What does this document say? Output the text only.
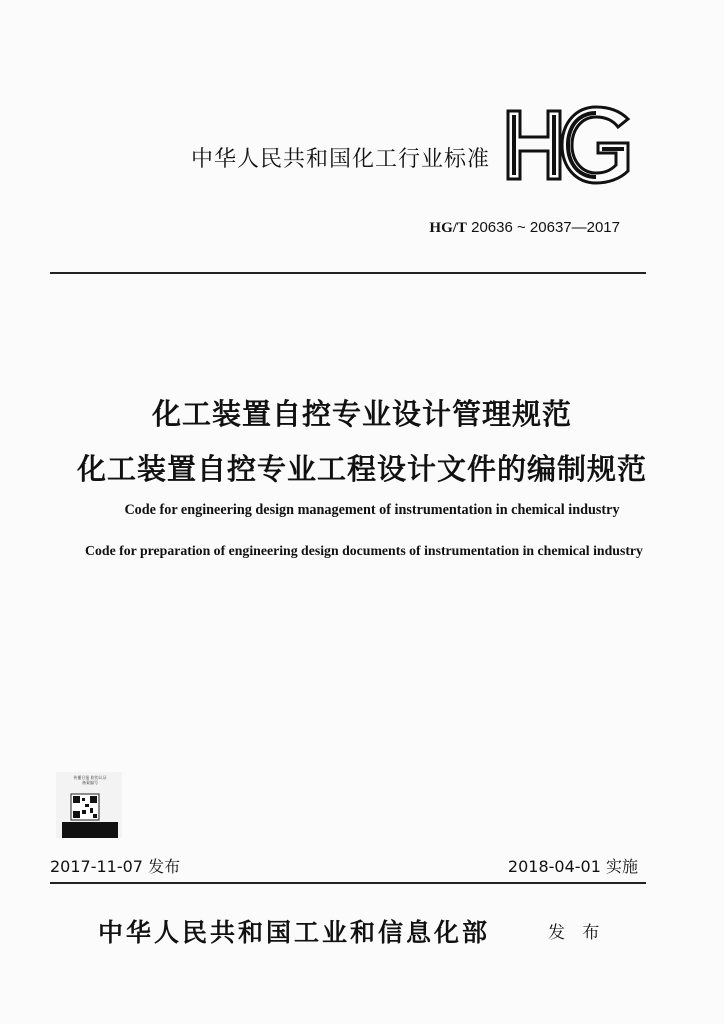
中华人民共和国化工行业标准
HG
HG/T 20636 ~ 20637—2017
化工装置自控专业设计管理规范
化工装置自控专业工程设计文件的编制规范
Code for engineering design management of instrumentation in chemical industry
Code for preparation of engineering design documents of instrumentation in chemical industry
传播日报 防伪认证
备案编号
2017-11-07 发布	2018-04-01 实施
中华人民共和国工业和信息化部	发 布
